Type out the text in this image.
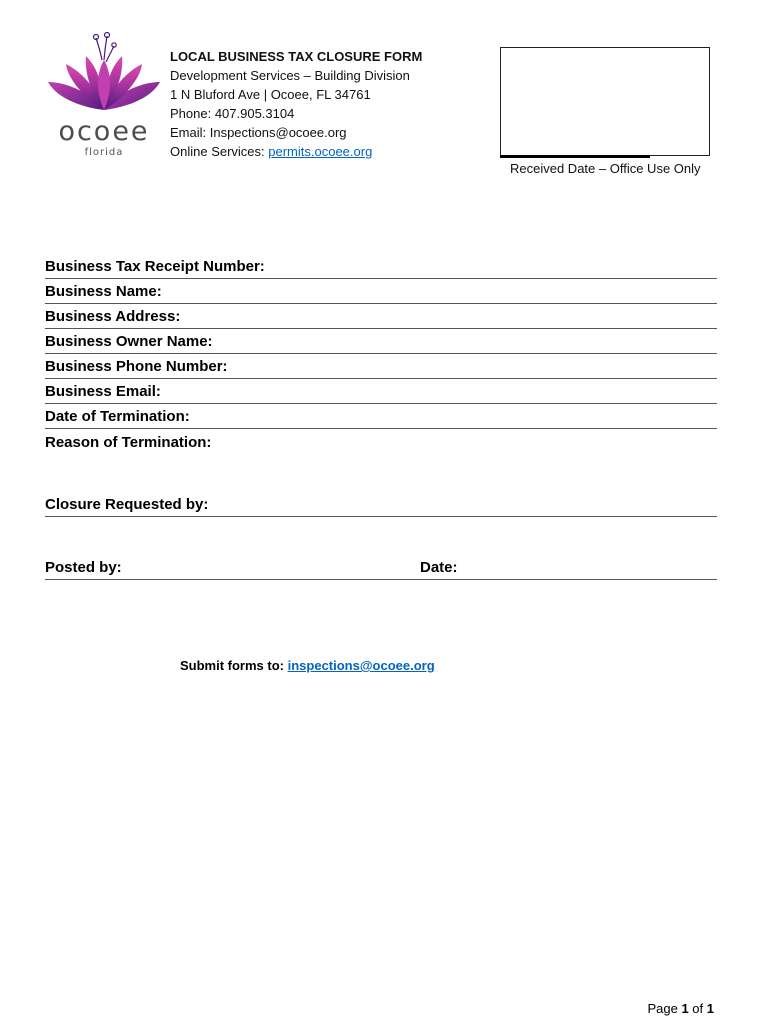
ocoee
florida
LOCAL BUSINESS TAX CLOSURE FORM
Development Services – Building Division
1 N Bluford Ave | Ocoee, FL 34761
Phone: 407.905.3104
Email: Inspections@ocoee.org
Online Services: permits.ocoee.org
Received Date – Office Use Only
Business Tax Receipt Number:
Business Name:
Business Address:
Business Owner Name:
Business Phone Number:
Business Email:
Date of Termination:
Reason of Termination:
Closure Requested by:
Posted by:	Date:
Submit forms to: inspections@ocoee.org
Page 1 of 1
